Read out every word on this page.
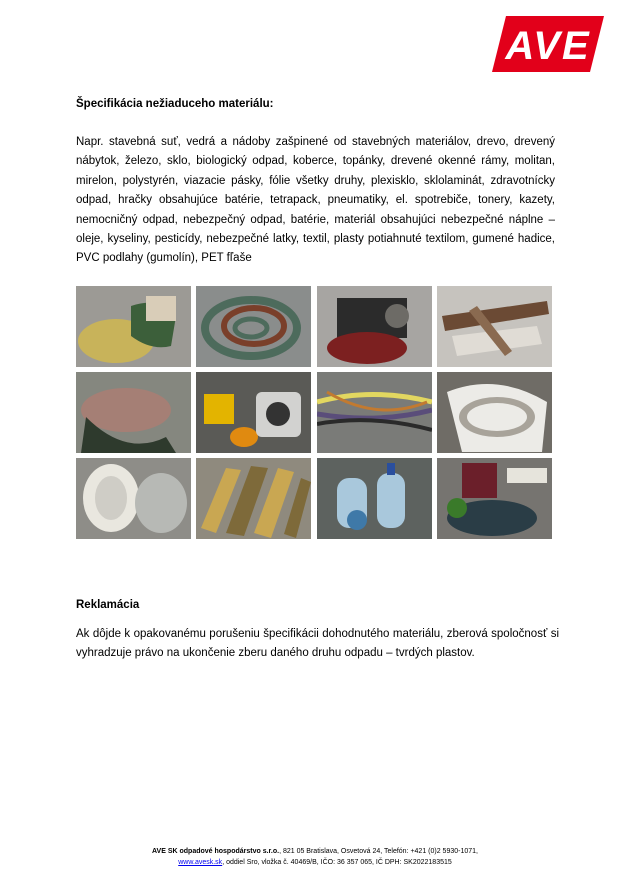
AVE
Špecifikácia nežiaduceho materiálu:
Napr. stavebná suť, vedrá a nádoby zašpinené od stavebných materiálov, drevo, drevený nábytok, železo, sklo, biologický odpad, koberce, topánky, drevené okenné rámy, molitan, mirelon, polystyrén, viazacie pásky, fólie všetky druhy, plexisklo, sklolaminát, zdravotnícky odpad, hračky obsahujúce batérie, tetrapack, pneumatiky, el. spotrebiče, tonery, kazety, nemocničný odpad, nebezpečný odpad, batérie, materiál obsahujúci nebezpečné náplne – oleje, kyseliny, pesticídy, nebezpečné latky, textil, plasty potiahnuté textilom, gumené hadice, PVC podlahy (gumolín), PET fľaše
Reklamácia
Ak dôjde k opakovanému porušeniu špecifikácii dohodnutého materiálu, zberová spoločnosť si vyhradzuje právo na ukončenie zberu daného druhu odpadu – tvrdých plastov.
AVE SK odpadové hospodárstvo s.r.o., 821 05 Bratislava, Osvetová 24, Telefón: +421 (0)2 5930-1071,
www.avesk.sk, oddiel Sro, vložka č. 40469/B, IČO: 36 357 065, IČ DPH: SK2022183515
